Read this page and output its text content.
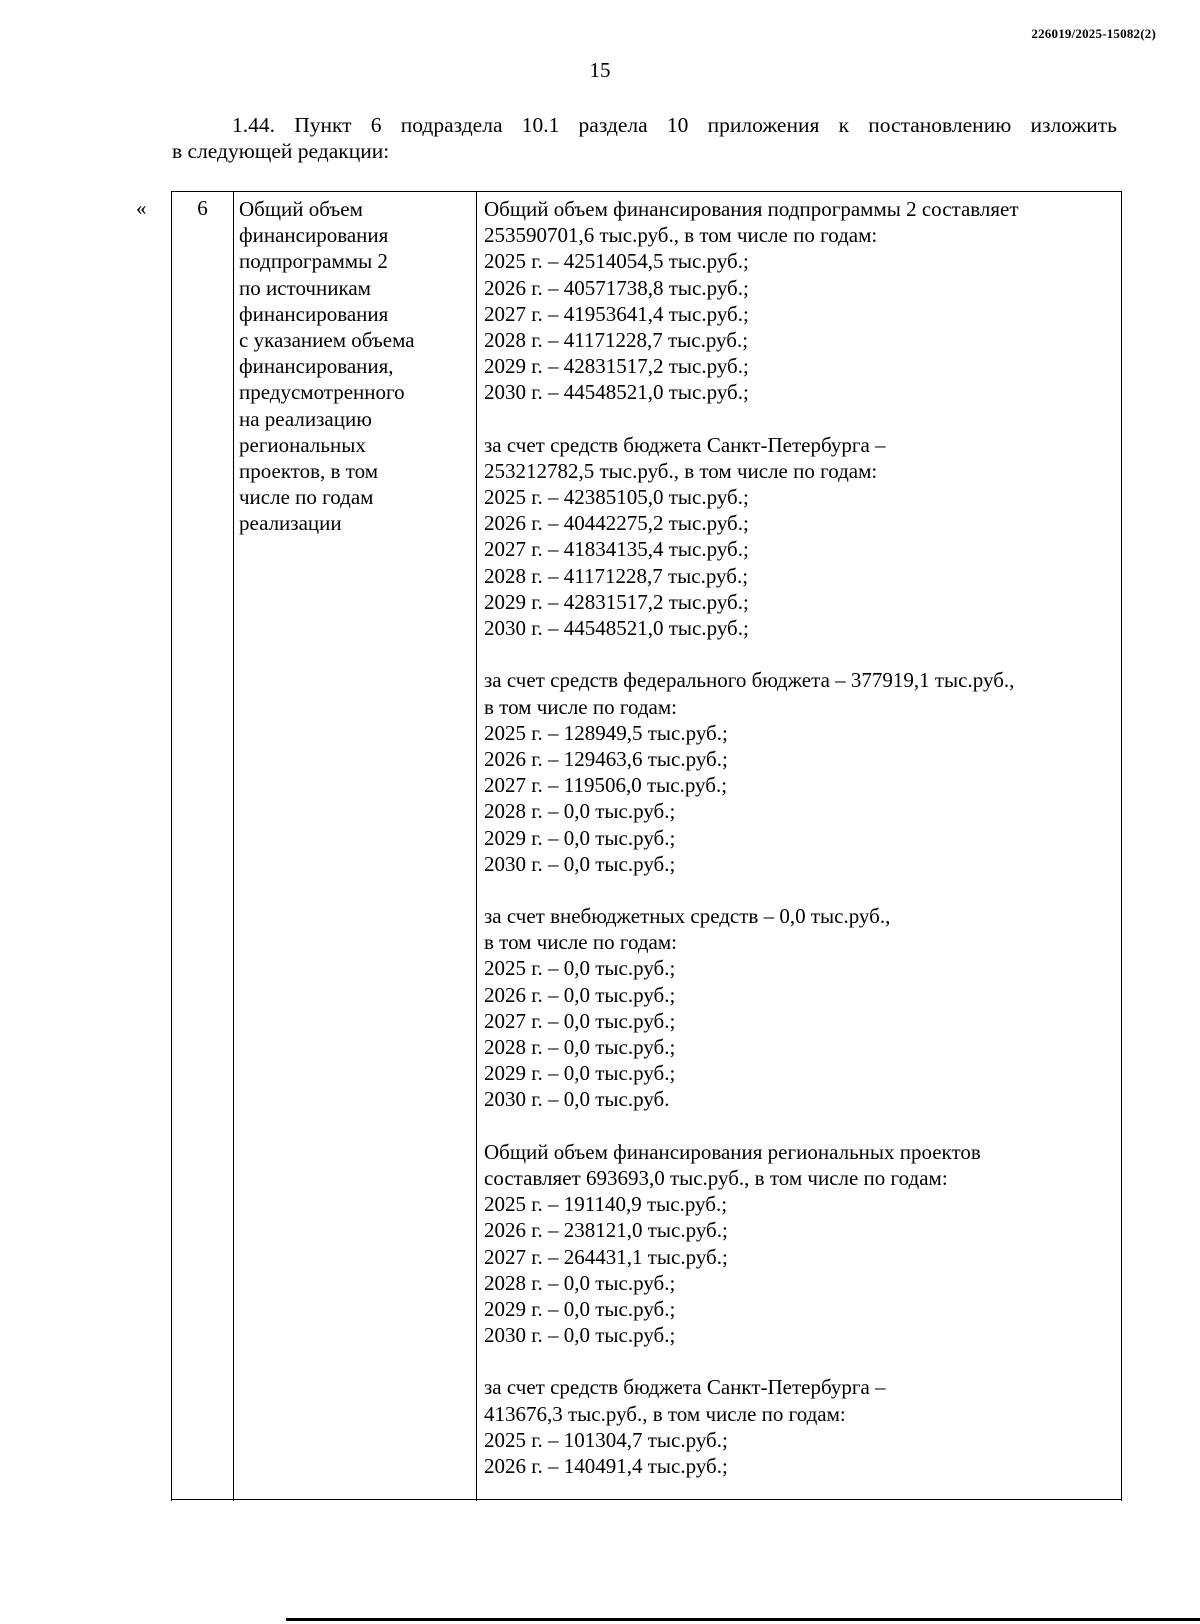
226019/2025-15082(2)
15

1.44. Пункт 6 подраздела 10.1 раздела 10 приложения к постановлению изложить

в следующей редакции:

«	6	Общий объем
финансирования
подпрограммы 2
по источникам
финансирования
с указанием объема
финансирования,
предусмотренного
на реализацию
региональных
проектов, в том
числе по годам
реализации
Общий объем финансирования подпрограммы 2 составляет
253590701,6 тыс.руб., в том числе по годам:
2025 г. – 42514054,5 тыс.руб.;
2026 г. – 40571738,8 тыс.руб.;
2027 г. – 41953641,4 тыс.руб.;
2028 г. – 41171228,7 тыс.руб.;
2029 г. – 42831517,2 тыс.руб.;
2030 г. – 44548521,0 тыс.руб.;
за счет средств бюджета Санкт-Петербурга –
253212782,5 тыс.руб., в том числе по годам:
2025 г. – 42385105,0 тыс.руб.;
2026 г. – 40442275,2 тыс.руб.;
2027 г. – 41834135,4 тыс.руб.;
2028 г. – 41171228,7 тыс.руб.;
2029 г. – 42831517,2 тыс.руб.;
2030 г. – 44548521,0 тыс.руб.;
за счет средств федерального бюджета – 377919,1 тыс.руб.,
в том числе по годам:
2025 г. – 128949,5 тыс.руб.;
2026 г. – 129463,6 тыс.руб.;
2027 г. – 119506,0 тыс.руб.;
2028 г. – 0,0 тыс.руб.;
2029 г. – 0,0 тыс.руб.;
2030 г. – 0,0 тыс.руб.;
за счет внебюджетных средств – 0,0 тыс.руб.,
в том числе по годам:
2025 г. – 0,0 тыс.руб.;
2026 г. – 0,0 тыс.руб.;
2027 г. – 0,0 тыс.руб.;
2028 г. – 0,0 тыс.руб.;
2029 г. – 0,0 тыс.руб.;
2030 г. – 0,0 тыс.руб.
Общий объем финансирования региональных проектов
составляет 693693,0 тыс.руб., в том числе по годам:
2025 г. – 191140,9 тыс.руб.;
2026 г. – 238121,0 тыс.руб.;
2027 г. – 264431,1 тыс.руб.;
2028 г. – 0,0 тыс.руб.;
2029 г. – 0,0 тыс.руб.;
2030 г. – 0,0 тыс.руб.;
за счет средств бюджета Санкт-Петербурга –
413676,3 тыс.руб., в том числе по годам:
2025 г. – 101304,7 тыс.руб.;
2026 г. – 140491,4 тыс.руб.;
